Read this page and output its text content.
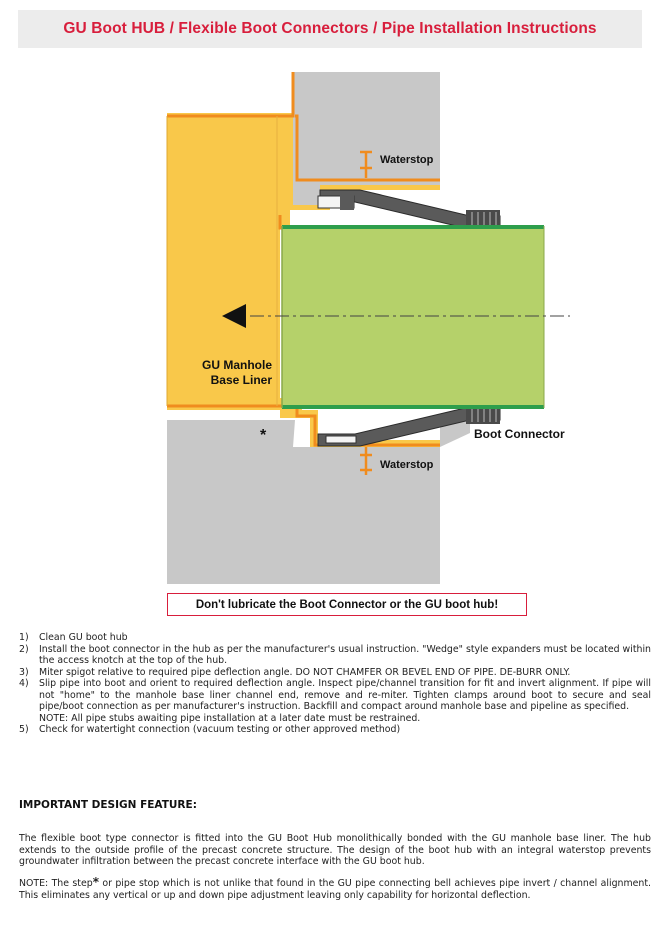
GU Boot HUB / Flexible Boot Connectors / Pipe Installation Instructions
Waterstop
Waterstop
GU Manhole
Base Liner
Boot Connector
*
Don't lubricate the Boot Connector or the GU boot hub!
1)	Clean GU boot hub
2)	Install the boot connector in the hub as per the manufacturer's usual instruction. "Wedge" style expanders must be located within the access knotch at the top of the hub.
3)	Miter spigot relative to required pipe deflection angle. DO NOT CHAMFER OR BEVEL END OF PIPE. DE-BURR ONLY.
4)	Slip pipe into boot and orient to required deflection angle. Inspect pipe/channel transition for fit and invert alignment. If pipe will not "home" to the manhole base liner channel end, remove and re-miter. Tighten clamps around boot to secure and seal pipe/boot connection as per manufacturer's instruction. Backfill and compact around manhole base and pipeline as specified.
NOTE: All pipe stubs awaiting pipe installation at a later date must be restrained.
5)	Check for watertight connection (vacuum testing or other approved method)
IMPORTANT DESIGN FEATURE:
The flexible boot type connector is fitted into the GU Boot Hub monolithically bonded with the GU manhole base liner. The hub extends to the outside profile of the precast concrete structure. The design of the boot hub with an integral waterstop prevents groundwater infiltration between the precast concrete interface with the GU boot hub.
NOTE: The step* or pipe stop which is not unlike that found in the GU pipe connecting bell achieves pipe invert / channel alignment. This eliminates any vertical or up and down pipe adjustment leaving only capability for horizontal deflection.
